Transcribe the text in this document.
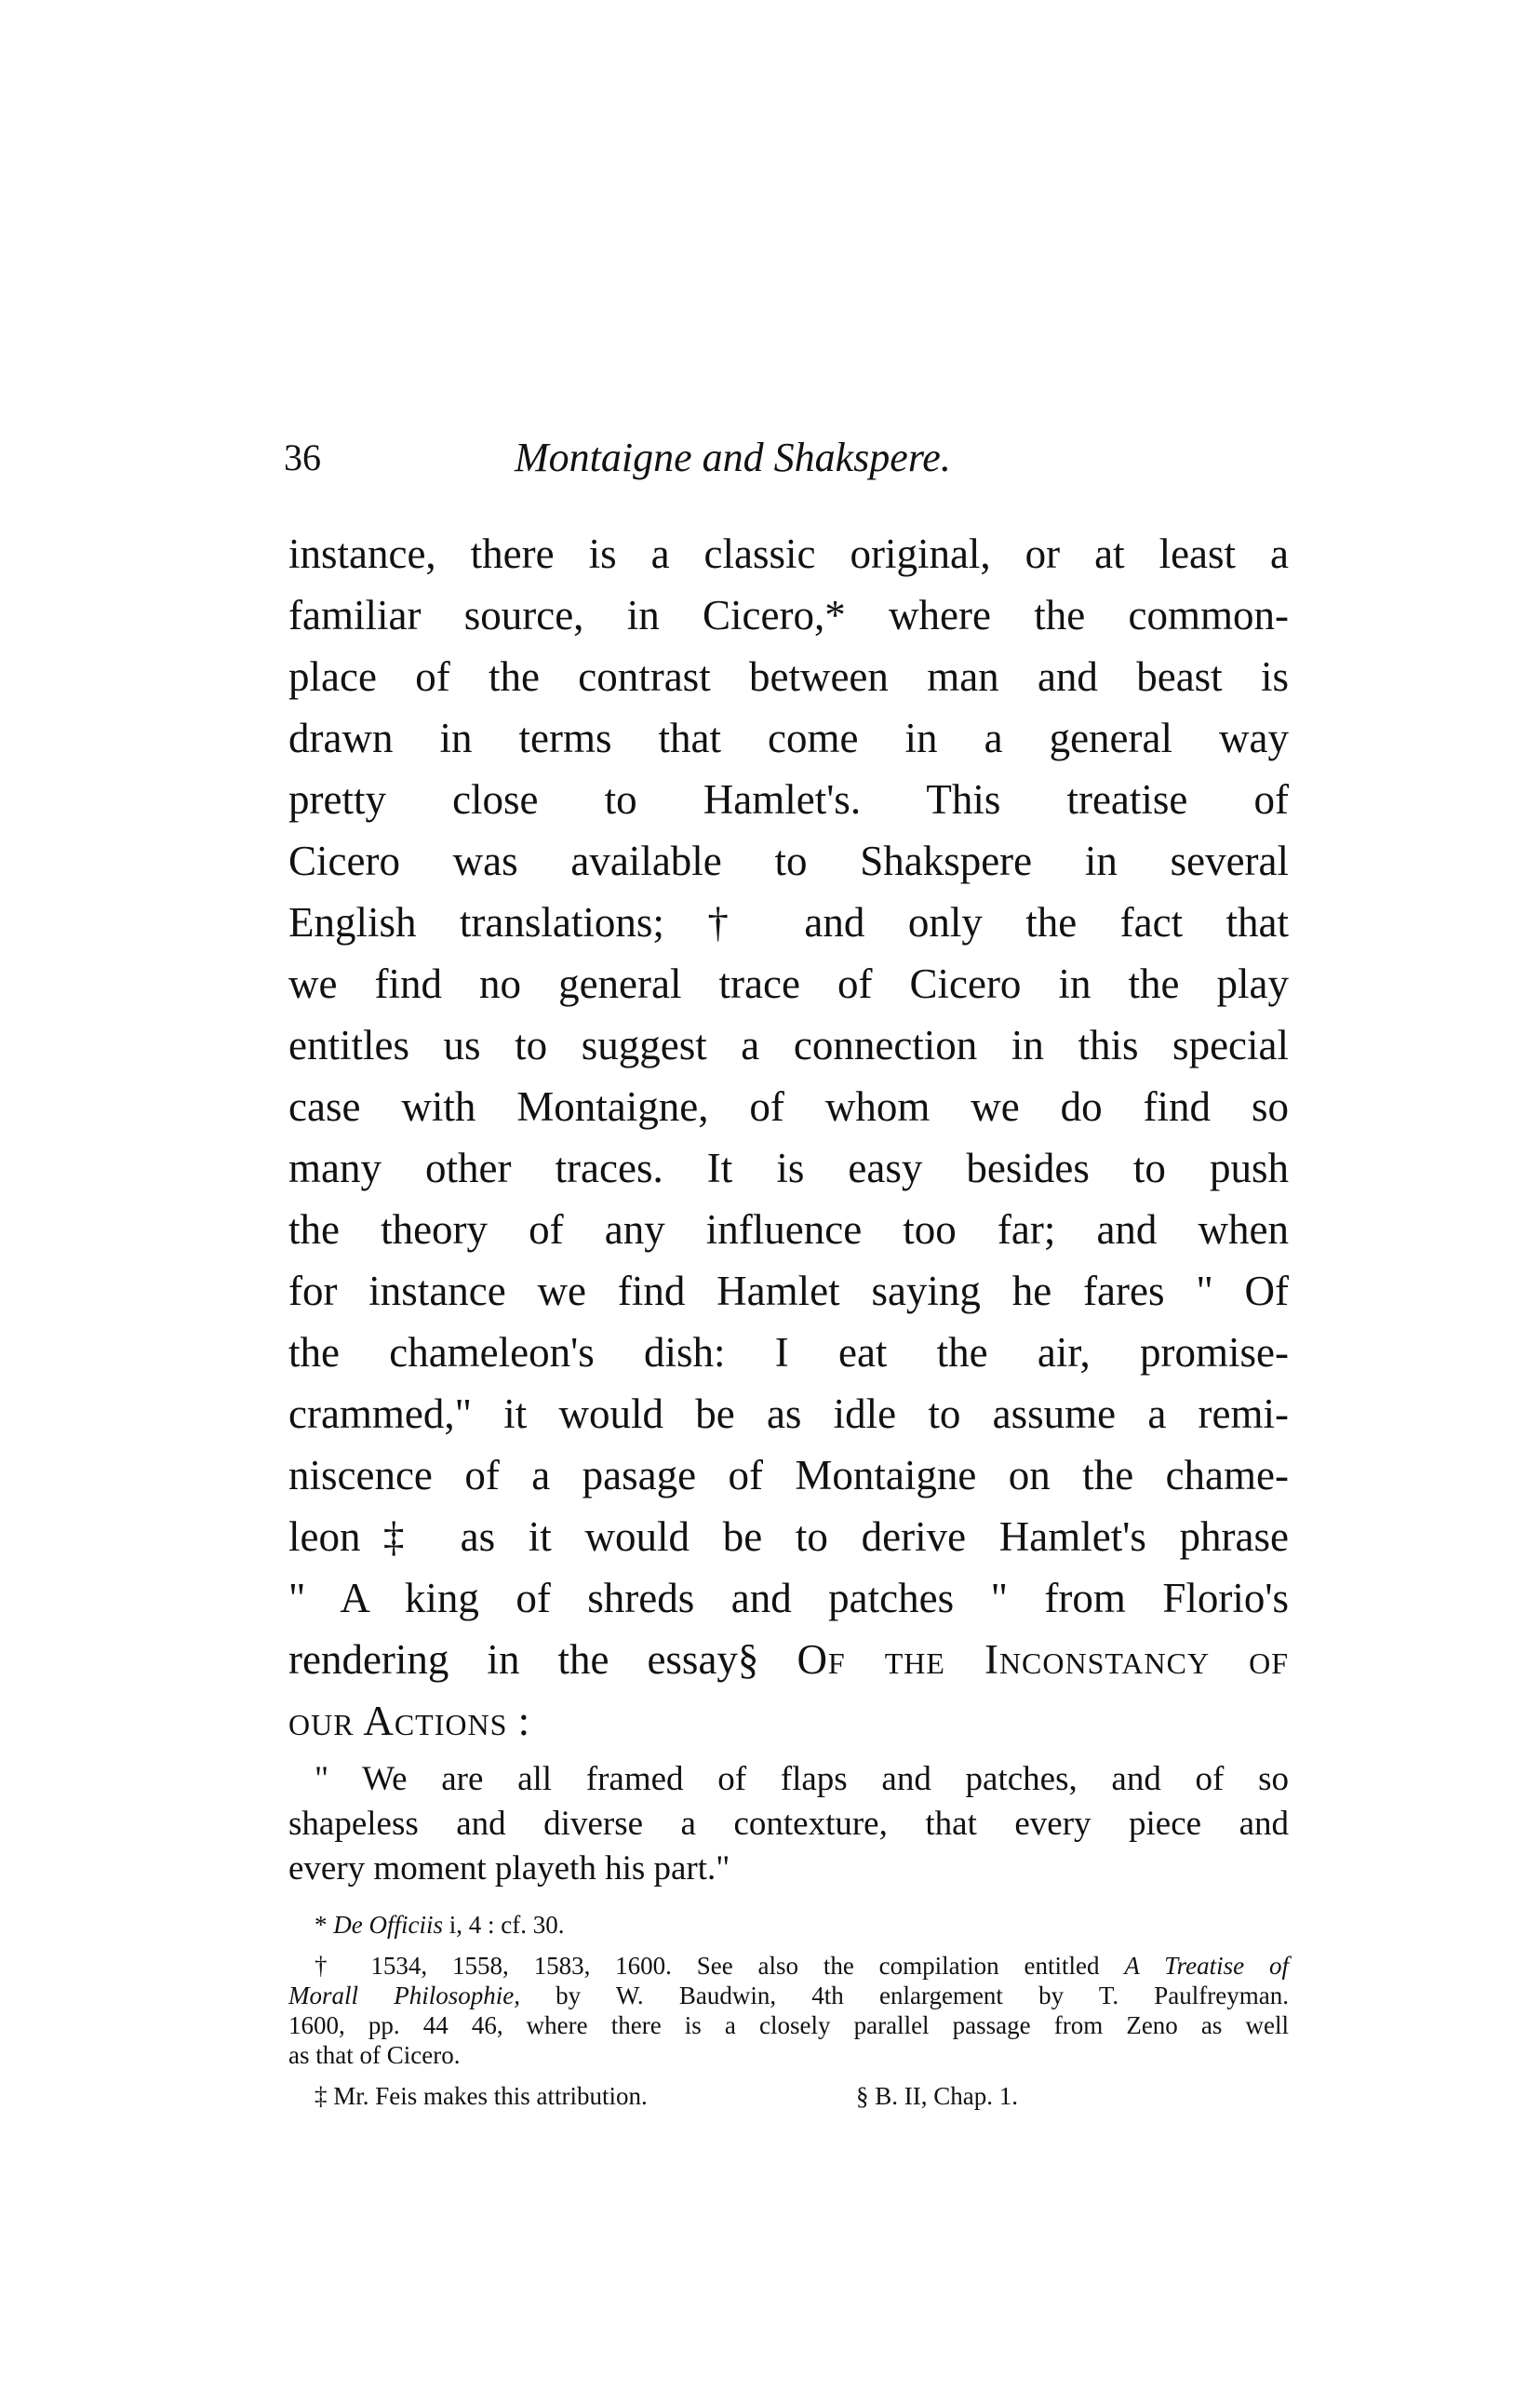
36	Montaigne and Shakspere.
instance, there is a classic original, or at least a
familiar source, in Cicero,* where the common-
place of the contrast between man and beast is
drawn in terms that come in a general way
pretty close to Hamlet's. This treatise of
Cicero was available to Shakspere in several
English translations; † and only the fact that
we find no general trace of Cicero in the play
entitles us to suggest a connection in this special
case with Montaigne, of whom we do find so
many other traces. It is easy besides to push
the theory of any influence too far; and when
for instance we find Hamlet saying he fares " Of
the chameleon's dish: I eat the air, promise-
crammed," it would be as idle to assume a remi-
niscence of a pasage of Montaigne on the chame-
leon‡ as it would be to derive Hamlet's phrase
" A king of shreds and patches " from Florio's
rendering in the essay§ Of the Inconstancy of
our Actions :
" We are all framed of flaps and patches, and of so
shapeless and diverse a contexture, that every piece and
every moment playeth his part."
* De Officiis i, 4 : cf. 30.
† 1534, 1558, 1583, 1600. See also the compilation entitled A Treatise of
Morall Philosophie, by W. Baudwin, 4th enlargement by T. Paulfreyman.
1600, pp. 44 46, where there is a closely parallel passage from Zeno as well
as that of Cicero.
‡ Mr. Feis makes this attribution.	§ B. II, Chap. 1.
